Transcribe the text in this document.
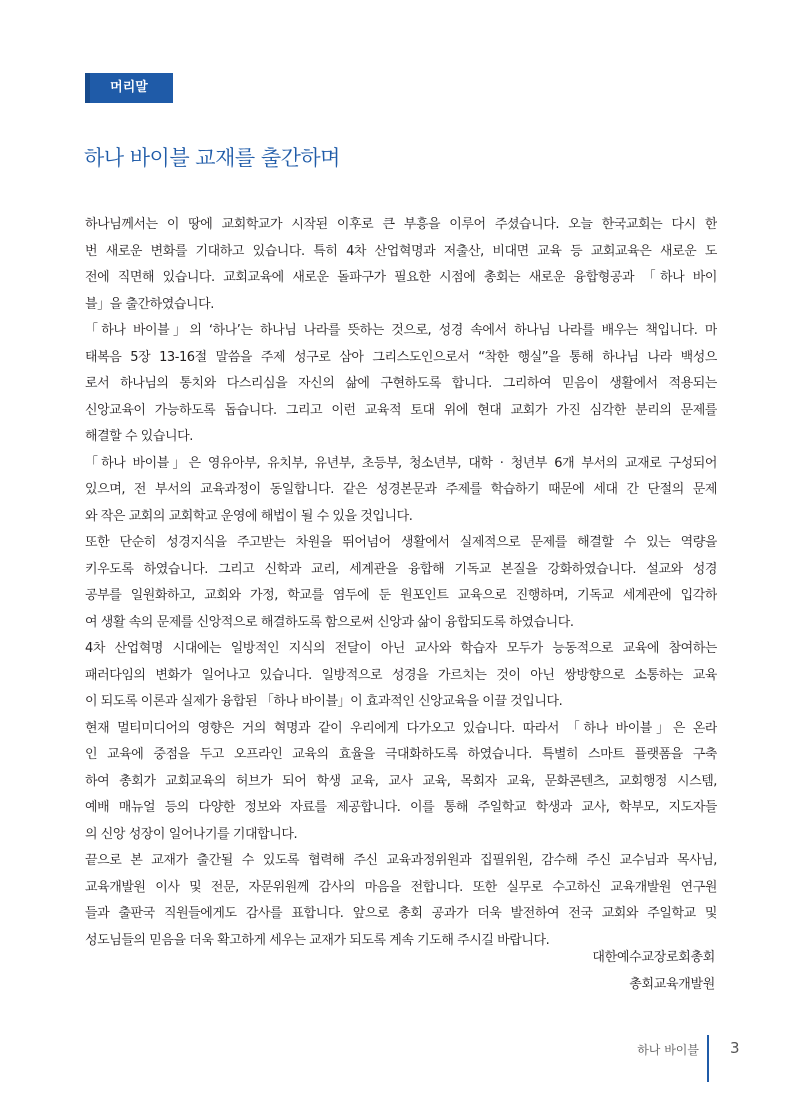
머리말
하나 바이블 교재를 출간하며
하나님께서는 이 땅에 교회학교가 시작된 이후로 큰 부흥을 이루어 주셨습니다. 오늘 한국교회는 다시 한
번 새로운 변화를 기대하고 있습니다. 특히 4차 산업혁명과 저출산, 비대면 교육 등 교회교육은 새로운 도
전에 직면해 있습니다. 교회교육에 새로운 돌파구가 필요한 시점에 총회는 새로운 융합형공과 「하나 바이
블」을 출간하였습니다.
「하나 바이블」의 ‘하나’는 하나님 나라를 뜻하는 것으로, 성경 속에서 하나님 나라를 배우는 책입니다. 마
태복음 5장 13-16절 말씀을 주제 성구로 삼아 그리스도인으로서 “착한 행실”을 통해 하나님 나라 백성으
로서 하나님의 통치와 다스리심을 자신의 삶에 구현하도록 합니다. 그리하여 믿음이 생활에서 적용되는
신앙교육이 가능하도록 돕습니다. 그리고 이런 교육적 토대 위에 현대 교회가 가진 심각한 분리의 문제를
해결할 수 있습니다.
「하나 바이블」은 영유아부, 유치부, 유년부, 초등부, 청소년부, 대학 · 청년부 6개 부서의 교재로 구성되어
있으며, 전 부서의 교육과정이 동일합니다. 같은 성경본문과 주제를 학습하기 때문에 세대 간 단절의 문제
와 작은 교회의 교회학교 운영에 해법이 될 수 있을 것입니다.
또한 단순히 성경지식을 주고받는 차원을 뛰어넘어 생활에서 실제적으로 문제를 해결할 수 있는 역량을
키우도록 하였습니다. 그리고 신학과 교리, 세계관을 융합해 기독교 본질을 강화하였습니다. 설교와 성경
공부를 일원화하고, 교회와 가정, 학교를 염두에 둔 원포인트 교육으로 진행하며, 기독교 세계관에 입각하
여 생활 속의 문제를 신앙적으로 해결하도록 함으로써 신앙과 삶이 융합되도록 하였습니다.
4차 산업혁명 시대에는 일방적인 지식의 전달이 아닌 교사와 학습자 모두가 능동적으로 교육에 참여하는
패러다임의 변화가 일어나고 있습니다. 일방적으로 성경을 가르치는 것이 아닌 쌍방향으로 소통하는 교육
이 되도록 이론과 실제가 융합된 「하나 바이블」이 효과적인 신앙교육을 이끌 것입니다.
현재 멀티미디어의 영향은 거의 혁명과 같이 우리에게 다가오고 있습니다. 따라서 「하나 바이블」은 온라
인 교육에 중점을 두고 오프라인 교육의 효율을 극대화하도록 하였습니다. 특별히 스마트 플랫폼을 구축
하여 총회가 교회교육의 허브가 되어 학생 교육, 교사 교육, 목회자 교육, 문화콘텐츠, 교회행정 시스템,
예배 매뉴얼 등의 다양한 정보와 자료를 제공합니다. 이를 통해 주일학교 학생과 교사, 학부모, 지도자들
의 신앙 성장이 일어나기를 기대합니다.
끝으로 본 교재가 출간될 수 있도록 협력해 주신 교육과정위원과 집필위원, 감수해 주신 교수님과 목사님,
교육개발원 이사 및 전문, 자문위원께 감사의 마음을 전합니다. 또한 실무로 수고하신 교육개발원 연구원
들과 출판국 직원들에게도 감사를 표합니다. 앞으로 총회 공과가 더욱 발전하여 전국 교회와 주일학교 및
성도님들의 믿음을 더욱 확고하게 세우는 교재가 되도록 계속 기도해 주시길 바랍니다.
대한예수교장로회총회
총회교육개발원
하나 바이블 3
